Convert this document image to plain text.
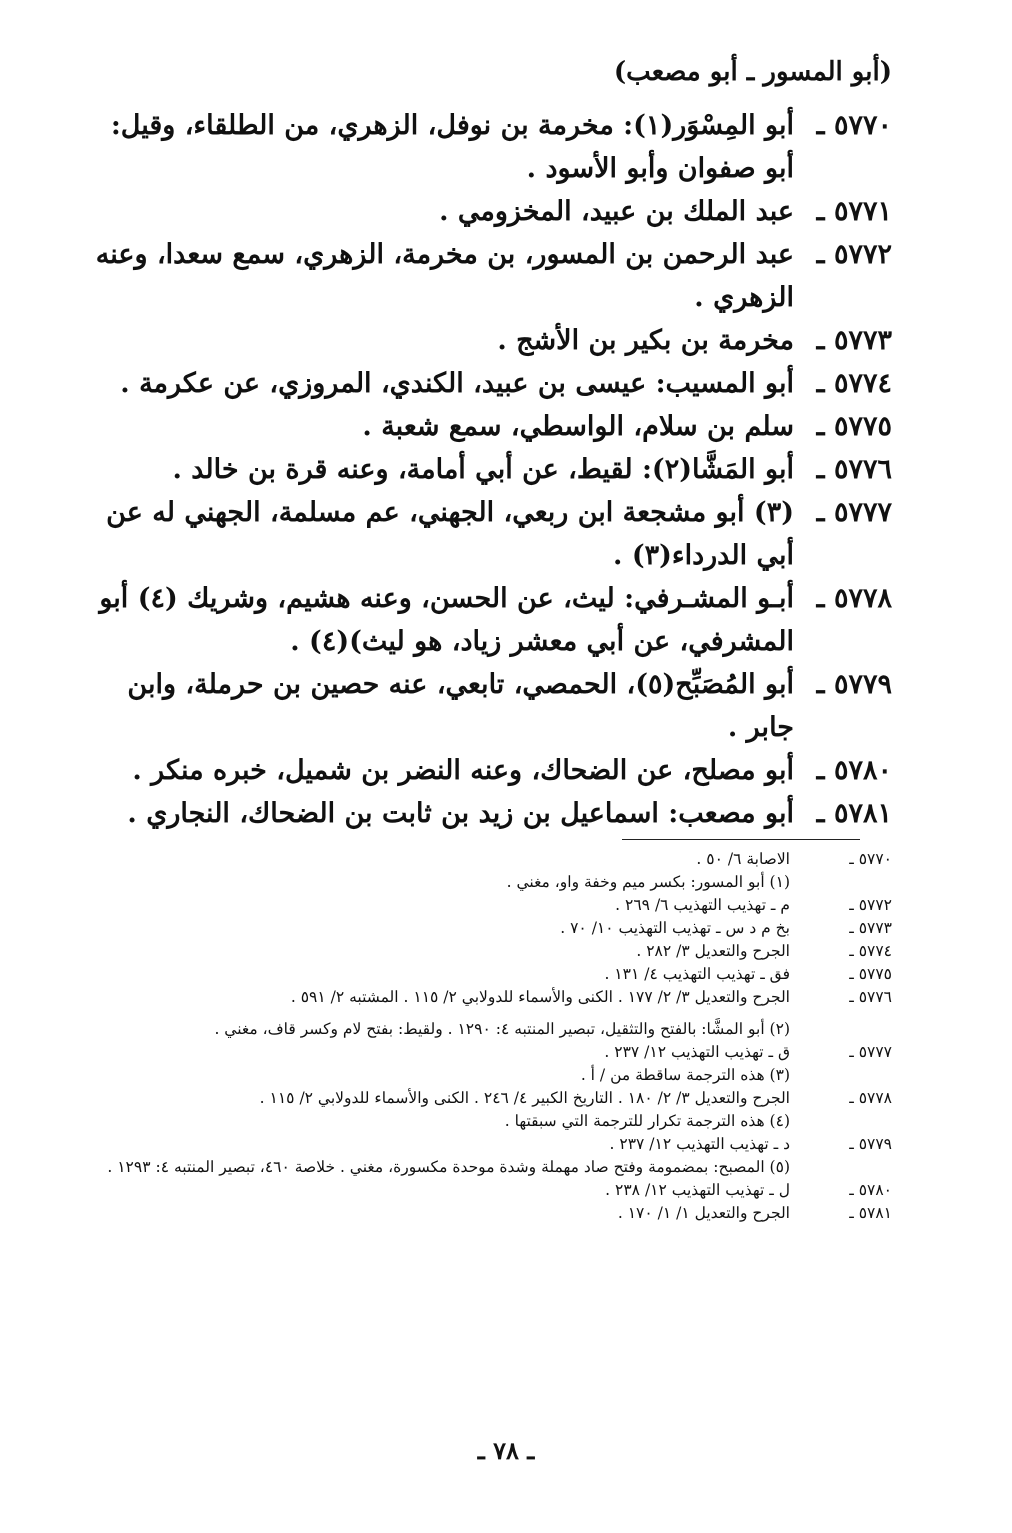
(أبو المسور ـ أبو مصعب)
٥٧٧٠ ـ
أبو المِسْوَر(١): مخرمة بن نوفل، الزهري، من الطلقاء، وقيل: أبو صفوان وأبو الأسود .
٥٧٧١ ـ
عبد الملك بن عبيد، المخزومي .
٥٧٧٢ ـ
عبد الرحمن بن المسور، بن مخرمة، الزهري، سمع سعدا، وعنه الزهري .
٥٧٧٣ ـ
مخرمة بن بكير بن الأشج .
٥٧٧٤ ـ
أبو المسيب: عيسى بن عبيد، الكندي، المروزي، عن عكرمة .
٥٧٧٥ ـ
سلم بن سلام، الواسطي، سمع شعبة .
٥٧٧٦ ـ
أبو المَشَّا(٢): لقيط، عن أبي أمامة، وعنه قرة بن خالد .
٥٧٧٧ ـ
(٣) أبو مشجعة ابن ربعي، الجهني، عم مسلمة، الجهني له عن أبي الدرداء(٣) .
٥٧٧٨ ـ
أبـو المشـرفي: ليث، عن الحسن، وعنه هشيم، وشريك (٤) أبو المشرفي، عن أبي معشر زياد، هو ليث)(٤) .
٥٧٧٩ ـ
أبو المُصَبِّح(٥)، الحمصي، تابعي، عنه حصين بن حرملة، وابن جابر .
٥٧٨٠ ـ
أبو مصلح، عن الضحاك، وعنه النضر بن شميل، خبره منكر .
٥٧٨١ ـ
أبو مصعب: اسماعيل بن زيد بن ثابت بن الضحاك، النجاري .
٥٧٧٠ ـ
الاصابة ٦/ ٥٠ .
(١) أبو المسور: بكسر ميم وخفة واو، مغني .
٥٧٧٢ ـ
م ـ تهذيب التهذيب ٦/ ٢٦٩ .
٥٧٧٣ ـ
بخ م د س ـ تهذيب التهذيب ١٠/ ٧٠ .
٥٧٧٤ ـ
الجرح والتعديل ٣/ ٢٨٢ .
٥٧٧٥ ـ
فق ـ تهذيب التهذيب ٤/ ١٣١ .
٥٧٧٦ ـ
الجرح والتعديل ٣/ ٢/ ١٧٧ . الكنى والأسماء للدولابي ٢/ ١١٥ . المشتبه ٢/ ٥٩١ .
(٢) أبو المشَّا: بالفتح والتثقيل، تبصير المنتبه ٤: ١٢٩٠ . ولقيط: بفتح لام وكسر قاف، مغني .
٥٧٧٧ ـ
ق ـ تهذيب التهذيب ١٢/ ٢٣٧ .
(٣) هذه الترجمة ساقطة من / أ .
٥٧٧٨ ـ
الجرح والتعديل ٣/ ٢/ ١٨٠ . التاريخ الكبير ٤/ ٢٤٦ . الكنى والأسماء للدولابي ٢/ ١١٥ .
(٤) هذه الترجمة تكرار للترجمة التي سبقتها .
٥٧٧٩ ـ
د ـ تهذيب التهذيب ١٢/ ٢٣٧ .
(٥) المصبح: بمضمومة وفتح صاد مهملة وشدة موحدة مكسورة، مغني . خلاصة ٤٦٠، تبصير المنتبه ٤: ١٢٩٣ .
٥٧٨٠ ـ
ل ـ تهذيب التهذيب ١٢/ ٢٣٨ .
٥٧٨١ ـ
الجرح والتعديل ١/ ١/ ١٧٠ .
ـ ٧٨ ـ
